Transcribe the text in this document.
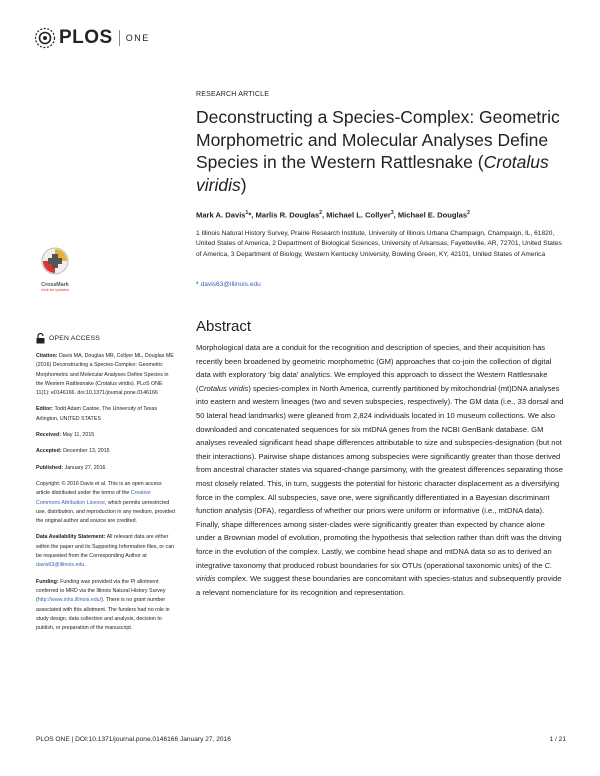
PLOS ONE
RESEARCH ARTICLE
Deconstructing a Species-Complex: Geometric Morphometric and Molecular Analyses Define Species in the Western Rattlesnake (Crotalus viridis)
Mark A. Davis$^1$*, Marlis R. Douglas$^2$, Michael L. Collyer$^3$, Michael E. Douglas$^2$
1 Illinois Natural History Survey, Prairie Research Institute, University of Illinois Urbana Champaign, Champaign, IL, 61820, United States of America, 2 Department of Biological Sciences, University of Arkansas, Fayetteville, AR, 72701, United States of America, 3 Department of Biology, Western Kentucky University, Bowling Green, KY, 42101, United States of America
* davis63@illinois.edu
CrossMark
click for updates
OPEN ACCESS
Citation: Davis MA, Douglas MR, Collyer ML, Douglas ME (2016) Deconstructing a Species-Complex: Geometric Morphometric and Molecular Analyses Define Species in the Western Rattlesnake (Crotalus viridis). PLoS ONE 11(1): e0146166. doi:10.1371/journal.pone.0146166
Editor: Todd Adam Castoe, The University of Texas Arlington, UNITED STATES
Received: May 11, 2015
Accepted: December 13, 2015
Published: January 27, 2016
Copyright: © 2016 Davis et al. This is an open access article distributed under the terms of the Creative Commons Attribution License, which permits unrestricted use, distribution, and reproduction in any medium, provided the original author and source are credited.
Data Availability Statement: All relevant data are either within the paper and its Supporting Information files, or can be requested from the Corresponding Author at davis63@illinois.edu.
Funding: Funding was provided via the PI allotment conferred to MRD via the Illinois Natural History Survey (http://www.inhs.illinois.edu/). There is no grant number associated with this allotment. The funders had no role in study design, data collection and analysis, decision to publish, or preparation of the manuscript.
Abstract

Morphological data are a conduit for the recognition and description of species, and their acquisition has recently been broadened by geometric morphometric (GM) approaches that co-join the collection of digital data with exploratory ‘big data’ analytics. We employed this approach to dissect the Western Rattlesnake (Crotalus viridis) species-complex in North America, currently partitioned by mitochondrial (mt)DNA analyses into eastern and western lineages (two and seven subspecies, respectively). The GM data (i.e., 33 dorsal and 50 lateral head landmarks) were gleaned from 2,824 individuals located in 10 museum collections. We also downloaded and concatenated sequences for six mtDNA genes from the NCBI GenBank database. GM analyses revealed significant head shape differences attributable to size and subspecies-designation (but not their interactions). Pairwise shape distances among subspecies were significantly greater than those derived from ancestral character states via squared-change parsimony, with the greatest differences separating those most closely related. This, in turn, suggests the potential for historic character displacement as a diversifying force in the complex. All subspecies, save one, were significantly differentiated in a Bayesian discriminant function analysis (DFA), regardless of whether our priors were uniform or informative (i.e., mtDNA data). Finally, shape differences among sister-clades were significantly greater than expected by chance alone under a Brownian model of evolution, promoting the hypothesis that selection rather than drift was the driving force in the evolution of the complex. Lastly, we combine head shape and mtDNA data so as to derived an integrative taxonomy that produced robust boundaries for six OTUs (operational taxonomic units) of the C. viridis complex. We suggest these boundaries are concomitant with species-status and subsequently provide a relevant nomenclature for its recognition and representation.

PLOS ONE | DOI:10.1371/journal.pone.0146166 January 27, 2016	1 / 21
